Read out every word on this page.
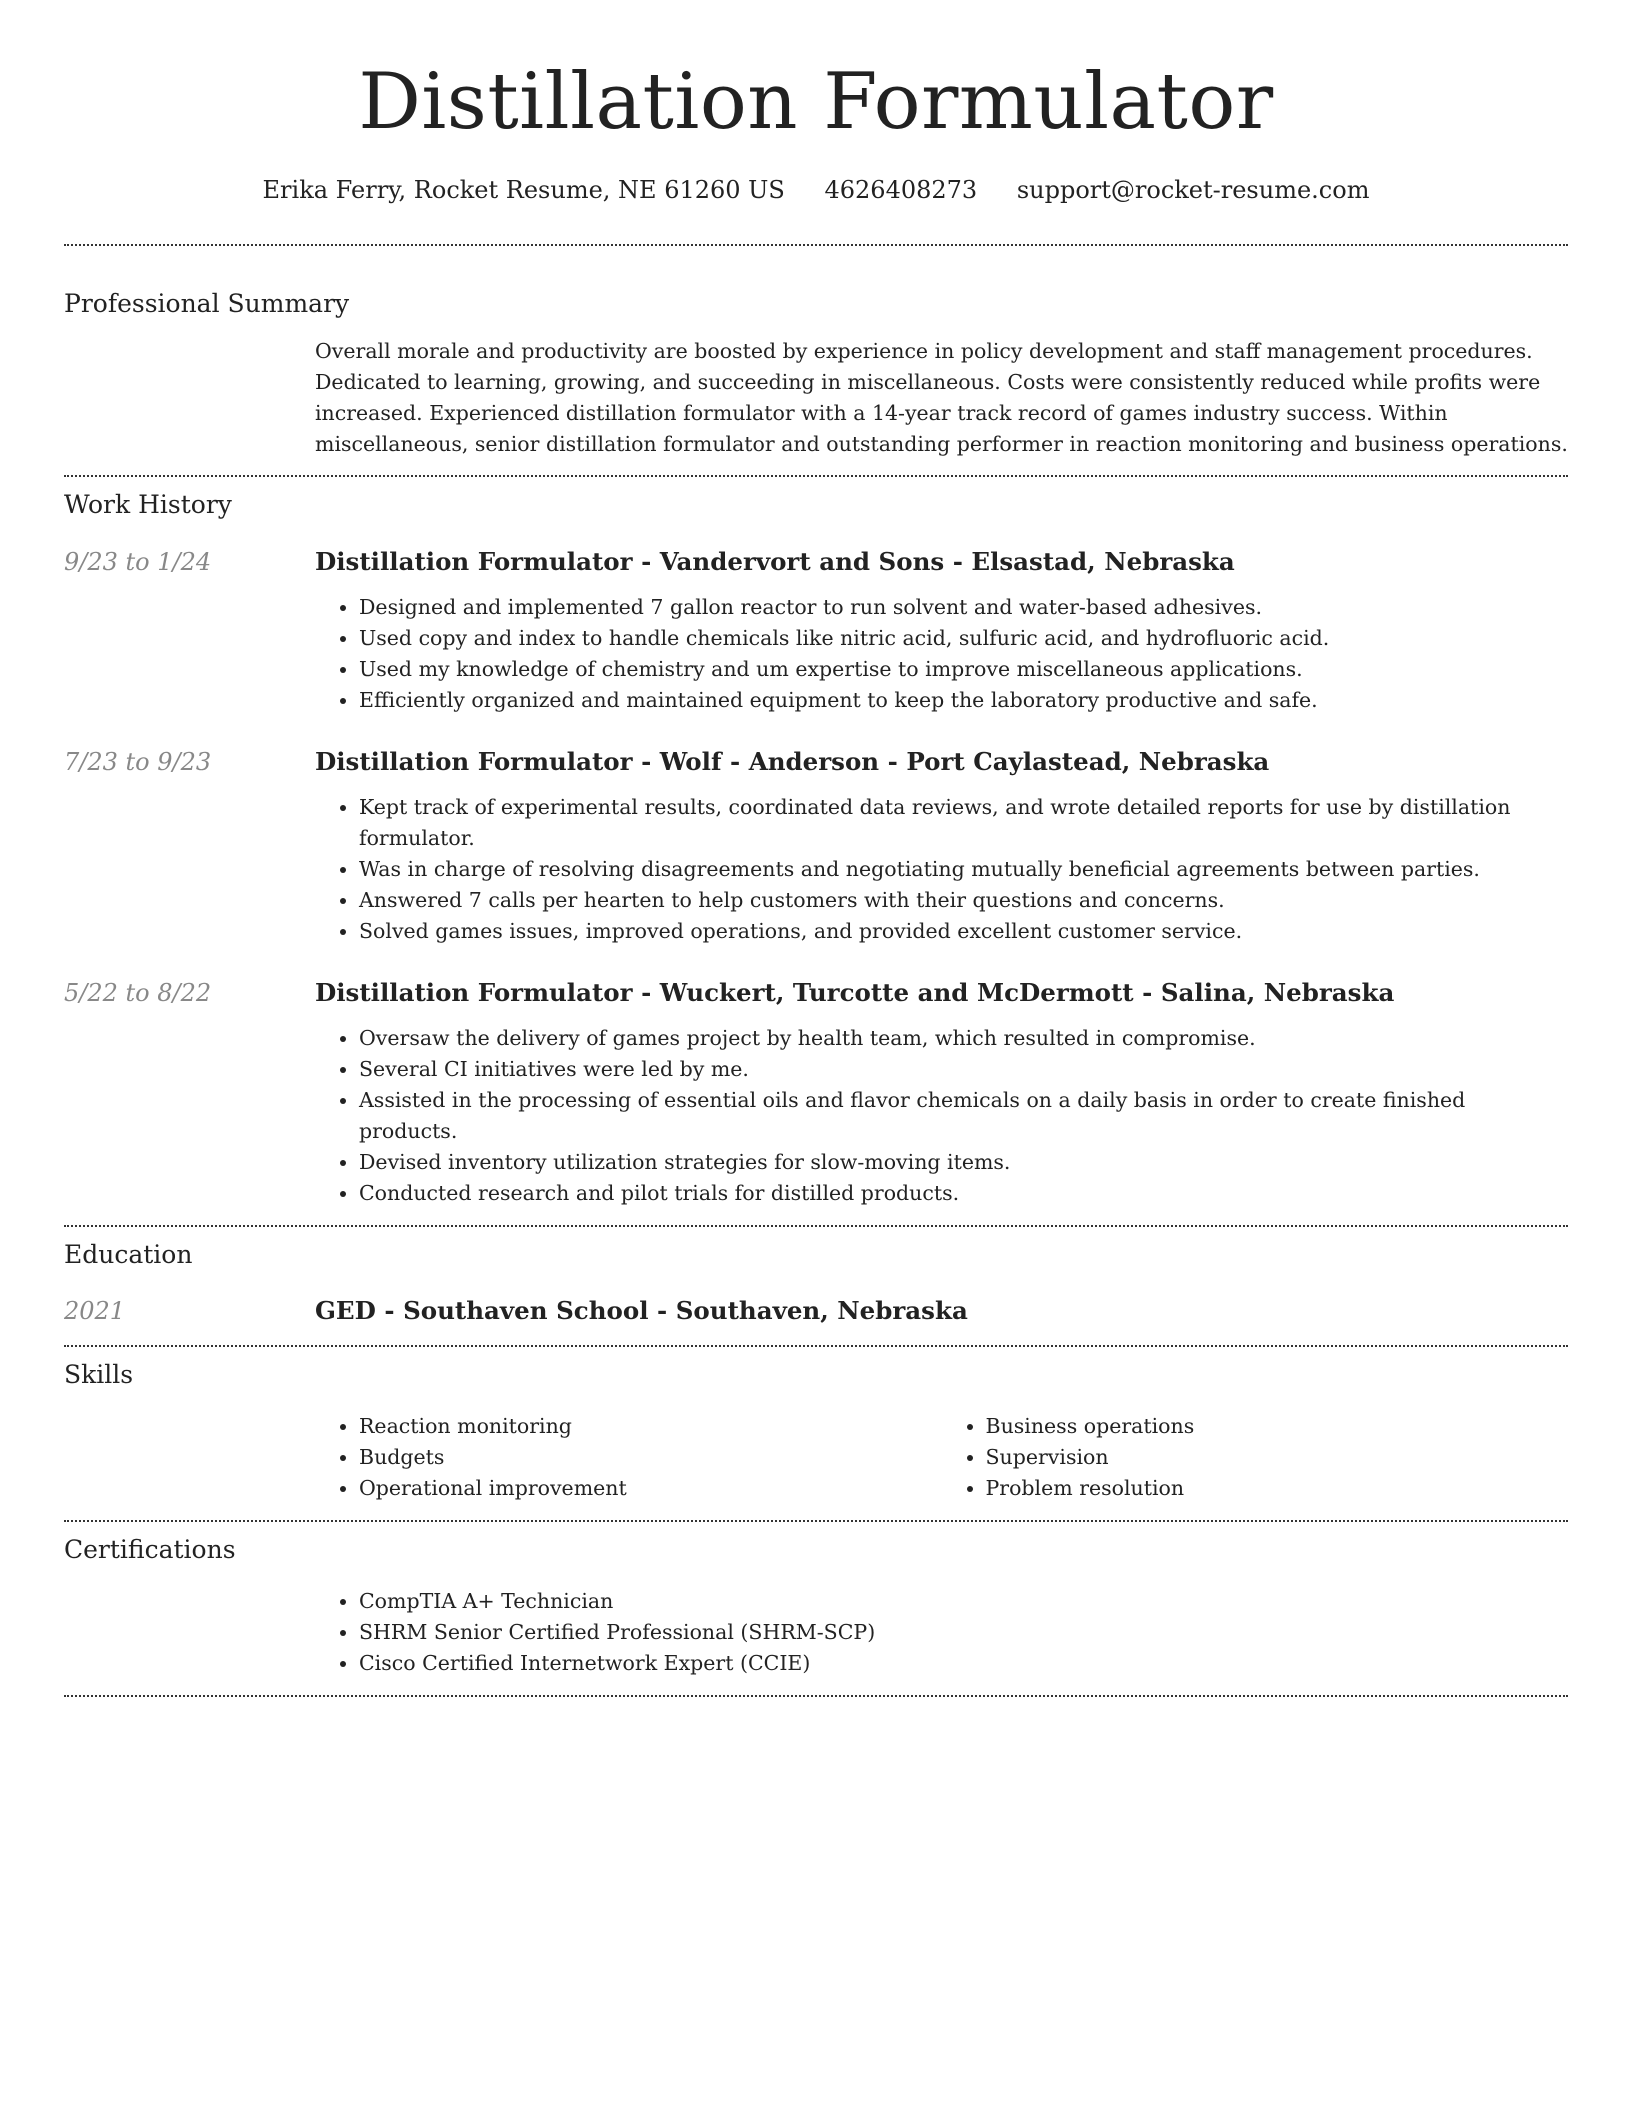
Distillation Formulator
Erika Ferry, Rocket Resume, NE 61260 US 4626408273 support@rocket-resume.com
Professional Summary

Overall morale and productivity are boosted by experience in policy development and staff management procedures. Dedicated to learning, growing, and succeeding in miscellaneous. Costs were consistently reduced while profits were increased. Experienced distillation formulator with a 14-year track record of games industry success. Within miscellaneous, senior distillation formulator and outstanding performer in reaction monitoring and business operations.

Work History
9/23 to 1/24	Distillation Formulator - Vandervort and Sons - Elsastad, Nebraska
• Designed and implemented 7 gallon reactor to run solvent and water-based adhesives.
• Used copy and index to handle chemicals like nitric acid, sulfuric acid, and hydrofluoric acid.
• Used my knowledge of chemistry and um expertise to improve miscellaneous applications.
• Efficiently organized and maintained equipment to keep the laboratory productive and safe.
7/23 to 9/23	Distillation Formulator - Wolf - Anderson - Port Caylastead, Nebraska
• Kept track of experimental results, coordinated data reviews, and wrote detailed reports for use by distillation formulator.
• Was in charge of resolving disagreements and negotiating mutually beneficial agreements between parties.
• Answered 7 calls per hearten to help customers with their questions and concerns.
• Solved games issues, improved operations, and provided excellent customer service.
5/22 to 8/22	Distillation Formulator - Wuckert, Turcotte and McDermott - Salina, Nebraska
• Oversaw the delivery of games project by health team, which resulted in compromise.
• Several CI initiatives were led by me.
• Assisted in the processing of essential oils and flavor chemicals on a daily basis in order to create finished products.
• Devised inventory utilization strategies for slow-moving items.
• Conducted research and pilot trials for distilled products.
Education
2021	GED - Southaven School - Southaven, Nebraska
Skills
• Reaction monitoring
• Budgets
• Operational improvement
• Business operations
• Supervision
• Problem resolution
Certifications
• CompTIA A+ Technician
• SHRM Senior Certified Professional (SHRM-SCP)
• Cisco Certified Internetwork Expert (CCIE)
